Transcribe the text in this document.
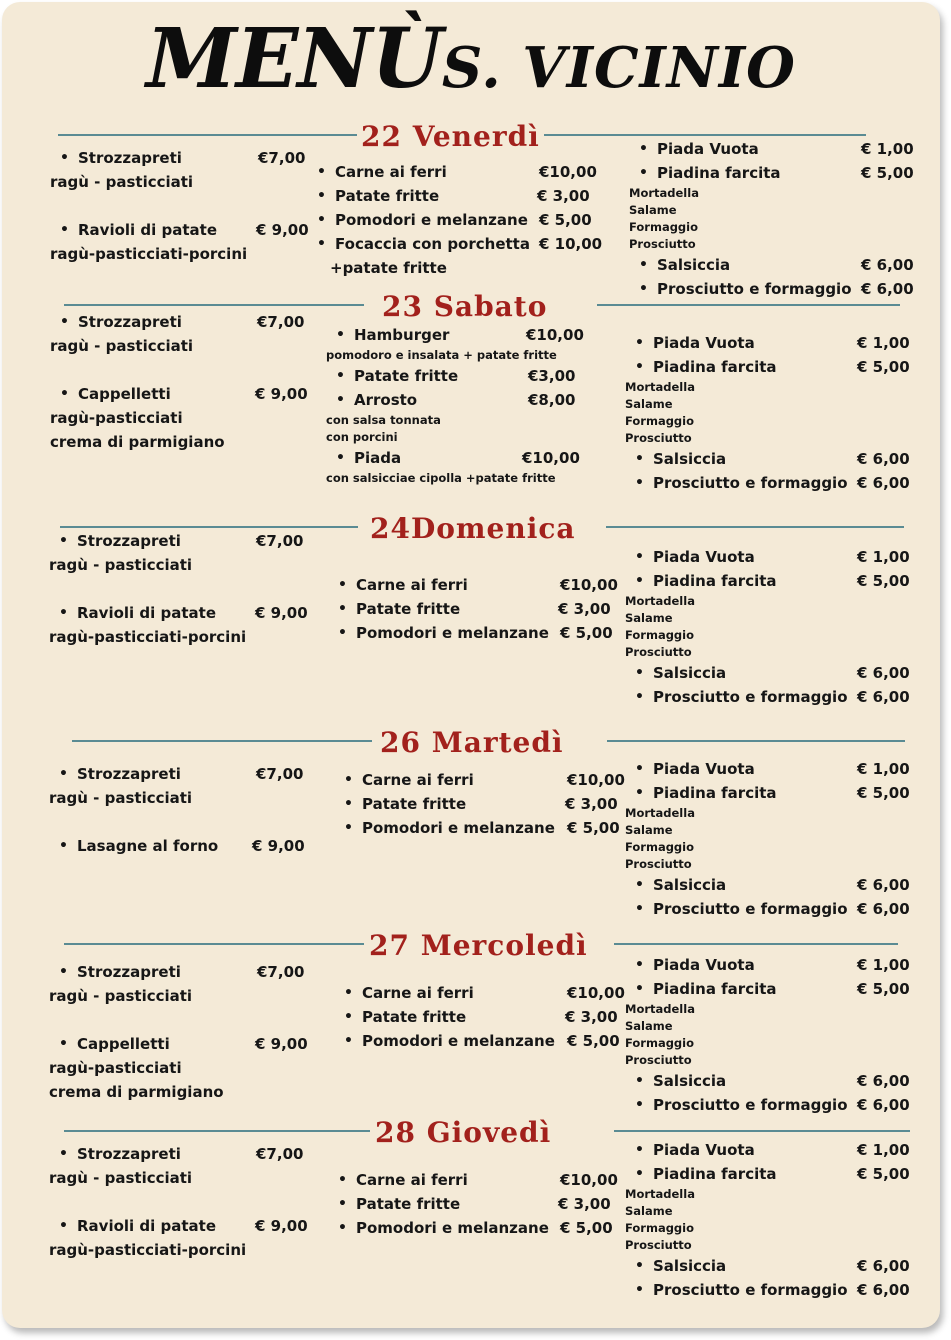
MENÙS. VICINIO
22 Venerdì
• Strozzapreti	€7,00
ragù - pasticciati
• Ravioli di patate	€ 9,00
ragù-pasticciati-porcini
• Carne ai ferri	€10,00
• Patate fritte	€ 3,00
• Pomodori e melanzane € 5,00
• Focaccia con porchetta € 10,00
+patate fritte
• Piada Vuota	€ 1,00
• Piadina farcita	€ 5,00
Mortadella
Salame
Formaggio
Prosciutto
• Salsiccia	€ 6,00
• Prosciutto e formaggio € 6,00
23 Sabato
• Strozzapreti	€7,00
ragù - pasticciati
• Cappelletti	€ 9,00
ragù-pasticciati
crema di parmigiano
• Hamburger	€10,00
pomodoro e insalata + patate fritte
• Patate fritte	€3,00
• Arrosto	€8,00
con salsa tonnata
con porcini
• Piada	€10,00
con salsicciae cipolla +patate fritte
• Piada Vuota	€ 1,00
• Piadina farcita	€ 5,00
Mortadella
Salame
Formaggio
Prosciutto
• Salsiccia	€ 6,00
• Prosciutto e formaggio € 6,00
24Domenica
• Strozzapreti	€7,00
ragù - pasticciati
• Ravioli di patate	€ 9,00
ragù-pasticciati-porcini
• Carne ai ferri	€10,00
• Patate fritte	€ 3,00
• Pomodori e melanzane € 5,00
• Piada Vuota	€ 1,00
• Piadina farcita	€ 5,00
Mortadella
Salame
Formaggio
Prosciutto
• Salsiccia	€ 6,00
• Prosciutto e formaggio € 6,00
26 Martedì
• Strozzapreti	€7,00
ragù - pasticciati
• Lasagne al forno € 9,00
• Carne ai ferri	€10,00
• Patate fritte	€ 3,00
• Pomodori e melanzane € 5,00
• Piada Vuota	€ 1,00
• Piadina farcita	€ 5,00
Mortadella
Salame
Formaggio
Prosciutto
• Salsiccia	€ 6,00
• Prosciutto e formaggio € 6,00
27 Mercoledì
• Strozzapreti	€7,00
ragù - pasticciati
• Cappelletti	€ 9,00
ragù-pasticciati
crema di parmigiano
• Carne ai ferri	€10,00
• Patate fritte	€ 3,00
• Pomodori e melanzane € 5,00
• Piada Vuota	€ 1,00
• Piadina farcita	€ 5,00
Mortadella
Salame
Formaggio
Prosciutto
• Salsiccia	€ 6,00
• Prosciutto e formaggio € 6,00
28 Giovedì
• Strozzapreti	€7,00
ragù - pasticciati
• Ravioli di patate	€ 9,00
ragù-pasticciati-porcini
• Carne ai ferri	€10,00
• Patate fritte	€ 3,00
• Pomodori e melanzane € 5,00
• Piada Vuota	€ 1,00
• Piadina farcita	€ 5,00
Mortadella
Salame
Formaggio
Prosciutto
• Salsiccia	€ 6,00
• Prosciutto e formaggio € 6,00
